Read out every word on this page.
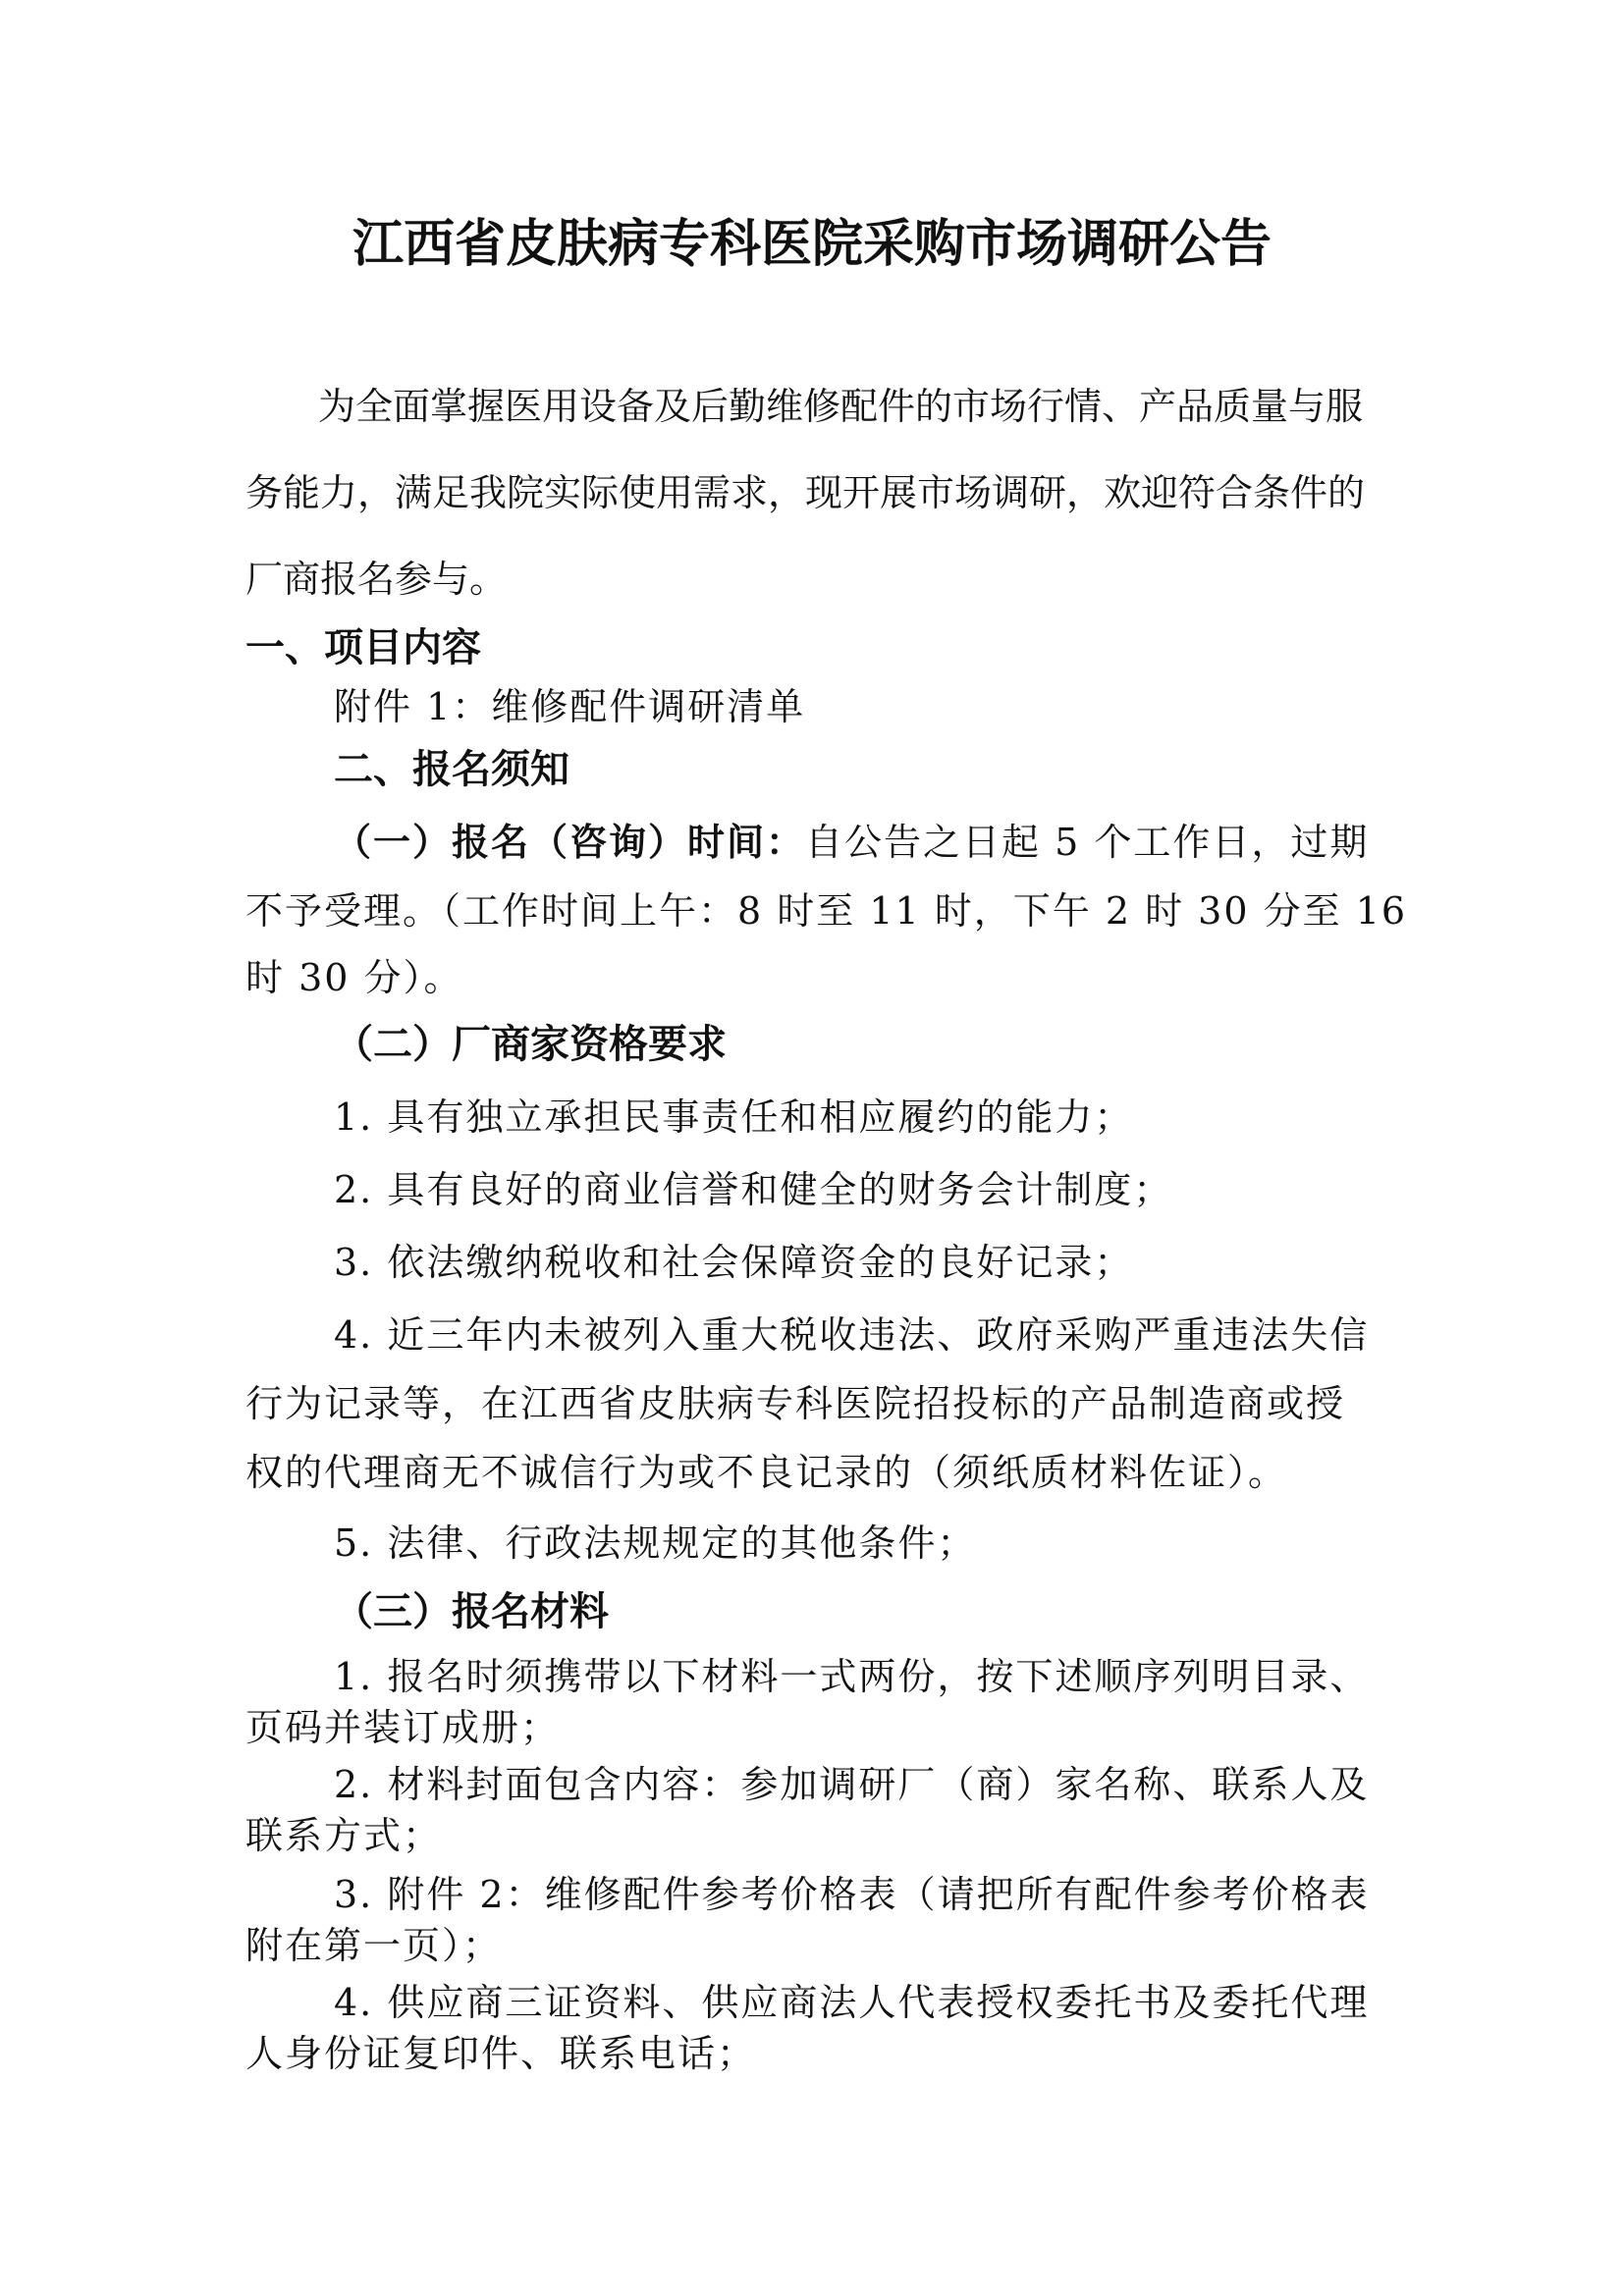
江西省皮肤病专科医院采购市场调研公告

为全面掌握医用设备及后勤维修配件的市场行情、产品质量与服

务能力，满足我院实际使用需求，现开展市场调研，欢迎符合条件的

厂商报名参与。

一、项目内容

附件 1：维修配件调研清单

二、报名须知

（一）报名（咨询）时间：自公告之日起 5 个工作日，过期

不予受理。（工作时间上午：8 时至 11 时，下午 2 时 30 分至 16

时 30 分）。

（二）厂商家资格要求

1. 具有独立承担民事责任和相应履约的能力；

2. 具有良好的商业信誉和健全的财务会计制度；

3. 依法缴纳税收和社会保障资金的良好记录；

4. 近三年内未被列入重大税收违法、政府采购严重违法失信

行为记录等，在江西省皮肤病专科医院招投标的产品制造商或授

权的代理商无不诚信行为或不良记录的（须纸质材料佐证）。

5. 法律、行政法规规定的其他条件；

（三）报名材料

1. 报名时须携带以下材料一式两份，按下述顺序列明目录、

页码并装订成册；

2. 材料封面包含内容：参加调研厂（商）家名称、联系人及

联系方式；

3. 附件 2：维修配件参考价格表（请把所有配件参考价格表

附在第一页）；

4. 供应商三证资料、供应商法人代表授权委托书及委托代理

人身份证复印件、联系电话；
